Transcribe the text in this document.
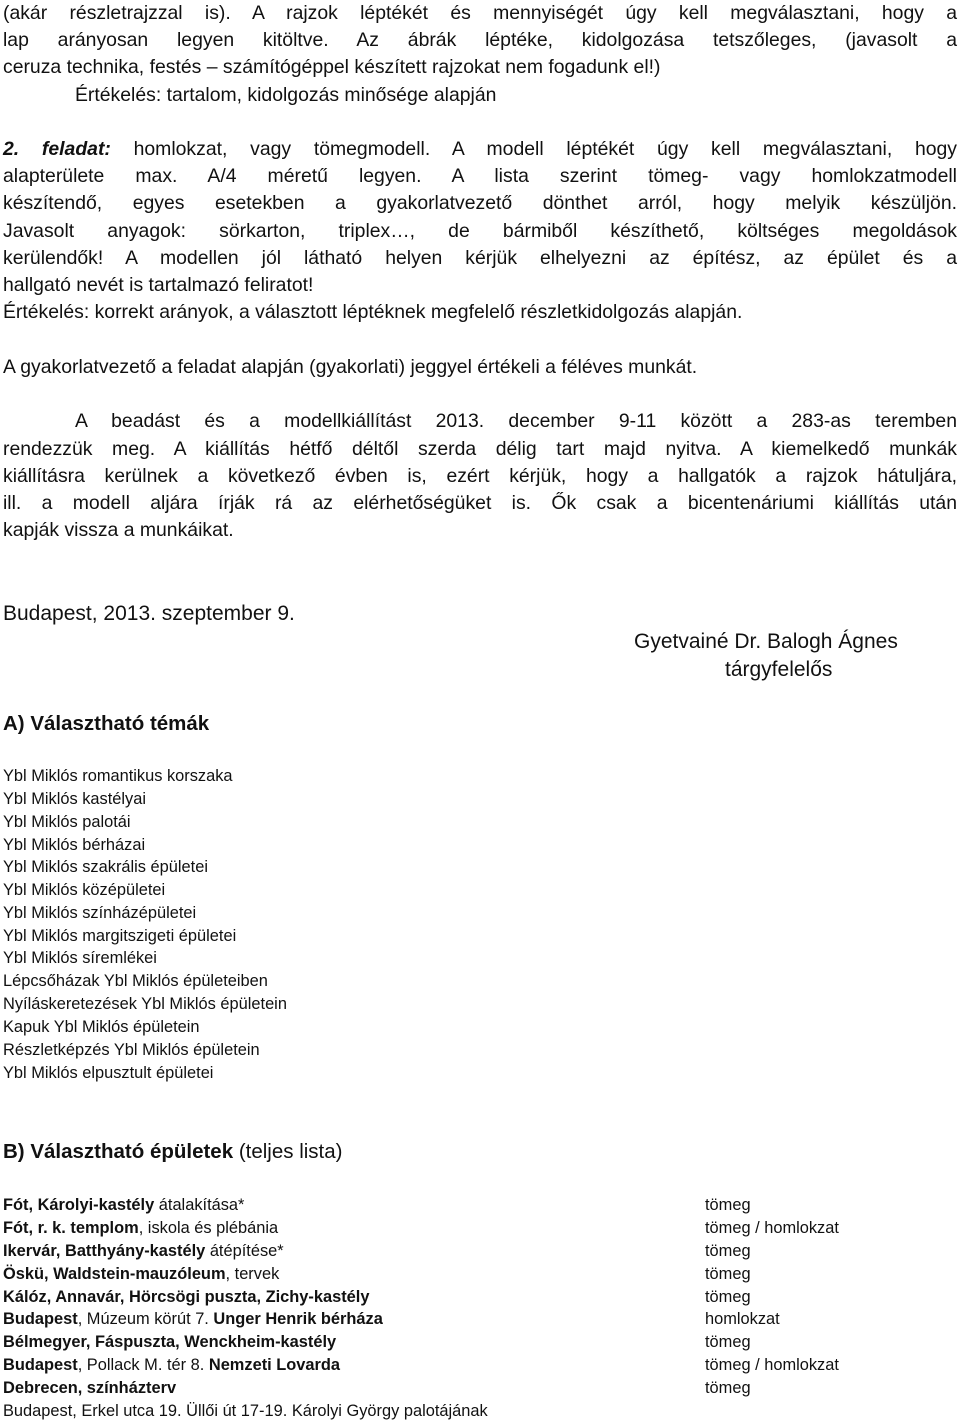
(akár részletrajzzal is). A rajzok léptékét és mennyiségét úgy kell megválasztani, hogy a
lap arányosan legyen kitöltve. Az ábrák léptéke, kidolgozása tetszőleges, (javasolt a
ceruza technika, festés – számítógéppel készített rajzokat nem fogadunk el!)
Értékelés: tartalom, kidolgozás minősége alapján
2. feladat: homlokzat, vagy tömegmodell. A modell léptékét úgy kell megválasztani, hogy
alapterülete max. A/4 méretű legyen. A lista szerint tömeg- vagy homlokzatmodell
készítendő, egyes esetekben a gyakorlatvezető dönthet arról, hogy melyik készüljön.
Javasolt anyagok: sörkarton, triplex…, de bármiből készíthető, költséges megoldások
kerülendők! A modellen jól látható helyen kérjük elhelyezni az építész, az épület és a
hallgató nevét is tartalmazó feliratot!
Értékelés: korrekt arányok, a választott léptéknek megfelelő részletkidolgozás alapján.
A gyakorlatvezető a feladat alapján (gyakorlati) jeggyel értékeli a féléves munkát.
A beadást és a modellkiállítást 2013. december 9-11 között a 283-as teremben
rendezzük meg. A kiállítás hétfő déltől szerda délig tart majd nyitva. A kiemelkedő munkák
kiállításra kerülnek a következő évben is, ezért kérjük, hogy a hallgatók a rajzok hátuljára,
ill. a modell aljára írják rá az elérhetőségüket is. Ők csak a bicentenáriumi kiállítás után
kapják vissza a munkáikat.
Budapest, 2013. szeptember 9.
Gyetvainé Dr. Balogh Ágnes
tárgyfelelős
A) Választható témák
Ybl Miklós romantikus korszaka
Ybl Miklós kastélyai
Ybl Miklós palotái
Ybl Miklós bérházai
Ybl Miklós szakrális épületei
Ybl Miklós középületei
Ybl Miklós színházépületei
Ybl Miklós margitszigeti épületei
Ybl Miklós síremlékei
Lépcsőházak Ybl Miklós épületeiben
Nyíláskeretezések Ybl Miklós épületein
Kapuk Ybl Miklós épületein
Részletképzés Ybl Miklós épületein
Ybl Miklós elpusztult épületei
B) Választható épületek (teljes lista)
Fót, Károlyi-kastély átalakítása*	tömeg
Fót, r. k. templom, iskola és plébánia	tömeg / homlokzat
Ikervár, Batthyány-kastély átépítése*	tömeg
Öskü, Waldstein-mauzóleum, tervek	tömeg
Kálóz, Annavár, Hörcsögi puszta, Zichy-kastély	tömeg
Budapest, Múzeum körút 7. Unger Henrik bérháza	homlokzat
Bélmegyer, Fáspuszta, Wenckheim-kastély	tömeg
Budapest, Pollack M. tér 8. Nemzeti Lovarda	tömeg / homlokzat
Debrecen, színházterv	tömeg
Budapest, Erkel utca 19. Üllői út 17-19. Károlyi György palotájának
